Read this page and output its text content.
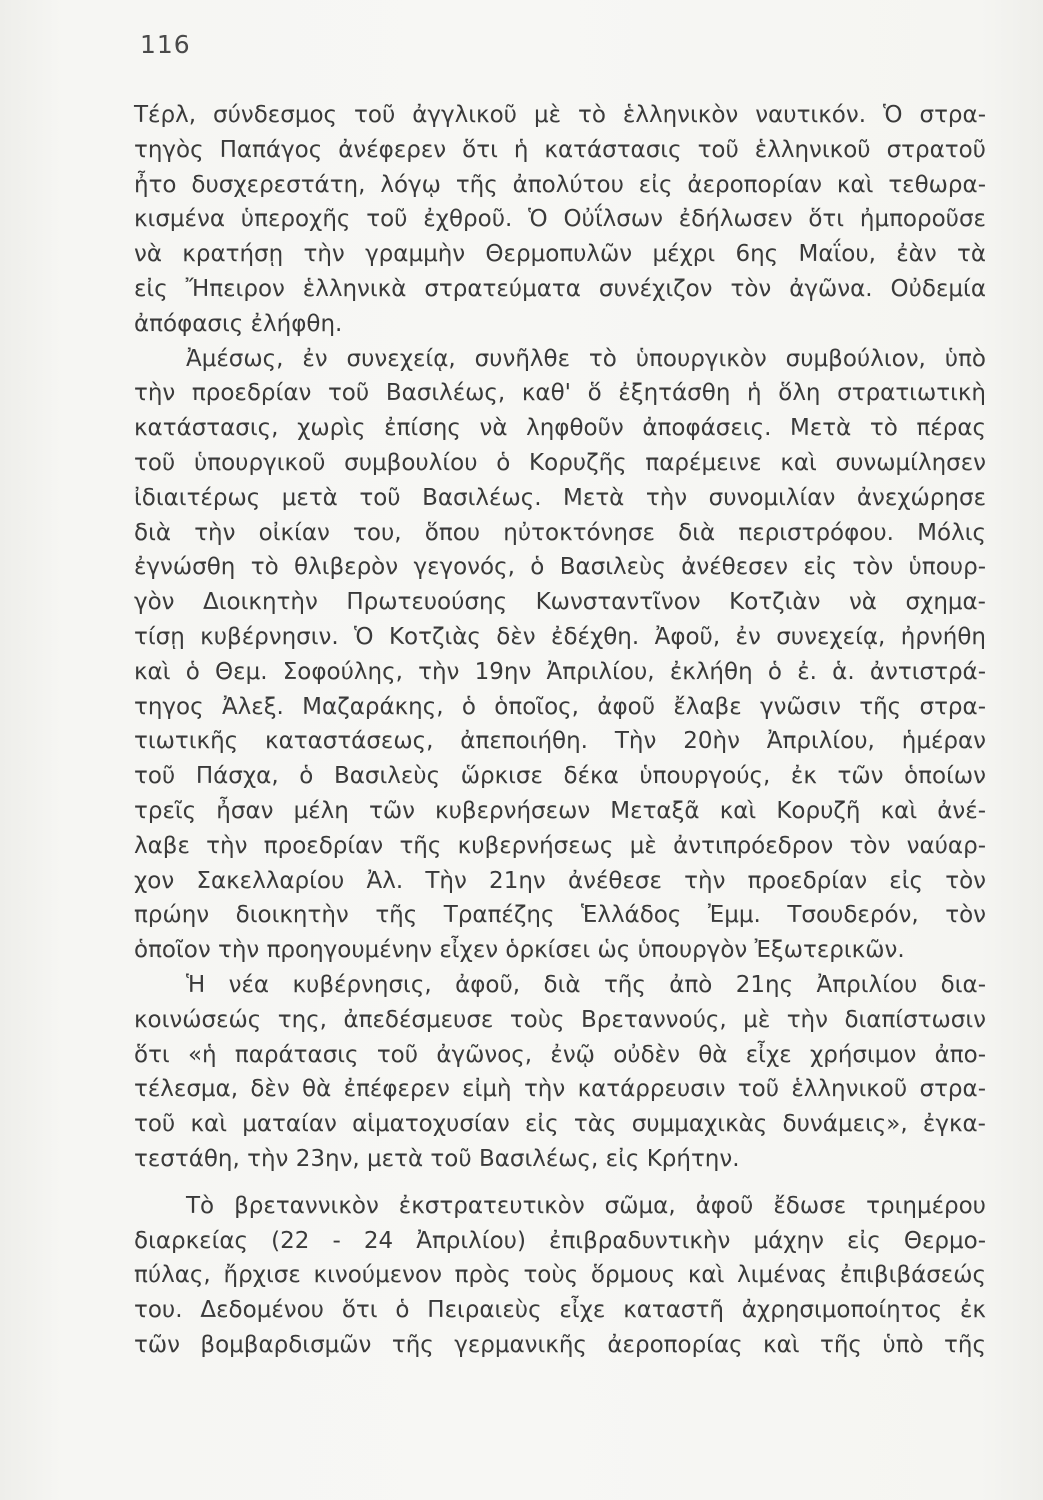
116
Τέρλ, σύνδεσμος τοῦ ἀγγλικοῦ μὲ τὸ ἑλληνικὸν ναυτικόν. Ὁ στρα-
τηγὸς Παπάγος ἀνέφερεν ὅτι ἡ κατάστασις τοῦ ἑλληνικοῦ στρατοῦ
ἦτο δυσχερεστάτη, λόγῳ τῆς ἀπολύτου εἰς ἀεροπορίαν καὶ τεθωρα-
κισμένα ὑπεροχῆς τοῦ ἐχθροῦ. Ὁ Οὐΐλσων ἐδήλωσεν ὅτι ἠμποροῦσε
νὰ κρατήσῃ τὴν γραμμὴν Θερμοπυλῶν μέχρι 6ης Μαΐου, ἐὰν τὰ
εἰς Ἤπειρον ἑλληνικὰ στρατεύματα συνέχιζον τὸν ἀγῶνα. Οὐδεμία
ἀπόφασις ἐλήφθη.
Ἀμέσως, ἐν συνεχείᾳ, συνῆλθε τὸ ὑπουργικὸν συμβούλιον, ὑπὸ
τὴν προεδρίαν τοῦ Βασιλέως, καθ' ὅ ἐξητάσθη ἡ ὅλη στρατιωτικὴ
κατάστασις, χωρὶς ἐπίσης νὰ ληφθοῦν ἀποφάσεις. Μετὰ τὸ πέρας
τοῦ ὑπουργικοῦ συμβουλίου ὁ Κορυζῆς παρέμεινε καὶ συνωμίλησεν
ἰδιαιτέρως μετὰ τοῦ Βασιλέως. Μετὰ τὴν συνομιλίαν ἀνεχώρησε
διὰ τὴν οἰκίαν του, ὅπου ηὐτοκτόνησε διὰ περιστρόφου. Μόλις
ἐγνώσθη τὸ θλιβερὸν γεγονός, ὁ Βασιλεὺς ἀνέθεσεν εἰς τὸν ὑπουρ-
γὸν Διοικητὴν Πρωτευούσης Κωνσταντῖνον Κοτζιὰν νὰ σχημα-
τίσῃ κυβέρνησιν. Ὁ Κοτζιὰς δὲν ἐδέχθη. Ἀφοῦ, ἐν συνεχείᾳ, ἠρνήθη
καὶ ὁ Θεμ. Σοφούλης, τὴν 19ην Ἀπριλίου, ἐκλήθη ὁ ἐ. ἁ. ἀντιστρά-
τηγος Ἀλεξ. Μαζαράκης, ὁ ὁποῖος, ἀφοῦ ἔλαβε γνῶσιν τῆς στρα-
τιωτικῆς καταστάσεως, ἀπεποιήθη. Τὴν 20ὴν Ἀπριλίου, ἡμέραν
τοῦ Πάσχα, ὁ Βασιλεὺς ὥρκισε δέκα ὑπουργούς, ἐκ τῶν ὁποίων
τρεῖς ἦσαν μέλη τῶν κυβερνήσεων Μεταξᾶ καὶ Κορυζῆ καὶ ἀνέ-
λαβε τὴν προεδρίαν τῆς κυβερνήσεως μὲ ἀντιπρόεδρον τὸν ναύαρ-
χον Σακελλαρίου Ἀλ. Τὴν 21ην ἀνέθεσε τὴν προεδρίαν εἰς τὸν
πρώην διοικητὴν τῆς Τραπέζης Ἑλλάδος Ἐμμ. Τσουδερόν, τὸν
ὁποῖον τὴν προηγουμένην εἶχεν ὁρκίσει ὡς ὑπουργὸν Ἐξωτερικῶν.
Ἡ νέα κυβέρνησις, ἀφοῦ, διὰ τῆς ἀπὸ 21ης Ἀπριλίου δια-
κοινώσεώς της, ἀπεδέσμευσε τοὺς Βρεταννούς, μὲ τὴν διαπίστωσιν
ὅτι «ἡ παράτασις τοῦ ἀγῶνος, ἐνῷ οὐδὲν θὰ εἶχε χρήσιμον ἀπο-
τέλεσμα, δὲν θὰ ἐπέφερεν εἰμὴ τὴν κατάρρευσιν τοῦ ἑλληνικοῦ στρα-
τοῦ καὶ ματαίαν αἱματοχυσίαν εἰς τὰς συμμαχικὰς δυνάμεις», ἐγκα-
τεστάθη, τὴν 23ην, μετὰ τοῦ Βασιλέως, εἰς Κρήτην.
Τὸ βρεταννικὸν ἐκστρατευτικὸν σῶμα, ἀφοῦ ἔδωσε τριημέρου
διαρκείας (22 - 24 Ἀπριλίου) ἐπιβραδυντικὴν μάχην εἰς Θερμο-
πύλας, ἤρχισε κινούμενον πρὸς τοὺς ὅρμους καὶ λιμένας ἐπιβιβάσεώς
του. Δεδομένου ὅτι ὁ Πειραιεὺς εἶχε καταστῆ ἀχρησιμοποίητος ἐκ
τῶν βομβαρδισμῶν τῆς γερμανικῆς ἀεροπορίας καὶ τῆς ὑπὸ τῆς
